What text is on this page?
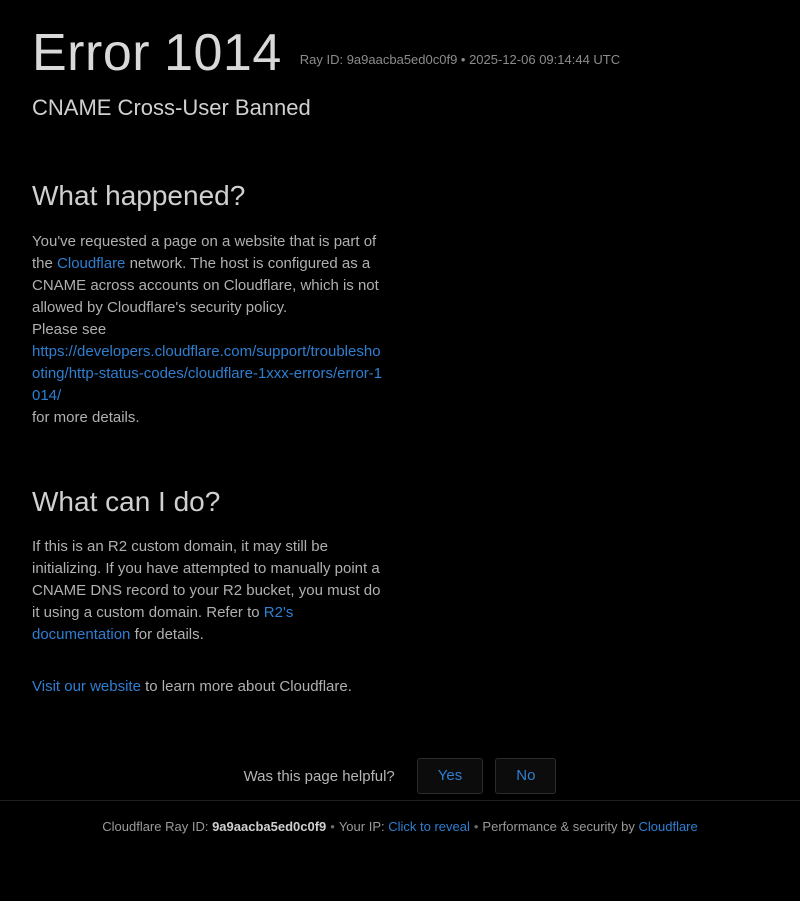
Error 1014 Ray ID: 9a9aacba5ed0c0f9 • 2025-12-06 09:14:44 UTC
CNAME Cross-User Banned
What happened?

You've requested a page on a website that is part of the Cloudflare network. The host is configured as a CNAME across accounts on Cloudflare, which is not allowed by Cloudflare's security policy.

Please see

https://developers.cloudflare.com/support/troubleshooting/http-status-codes/cloudflare-1xxx-errors/error-1014/

for more details.

What can I do?

If this is an R2 custom domain, it may still be initializing. If you have attempted to manually point a CNAME DNS record to your R2 bucket, you must do it using a custom domain. Refer to R2's documentation for details.

Visit our website to learn more about Cloudflare.

Was this page helpful?	Yes	No
Cloudflare Ray ID: 9a9aacba5ed0c0f9 • Your IP: Click to reveal • Performance & security by Cloudflare
